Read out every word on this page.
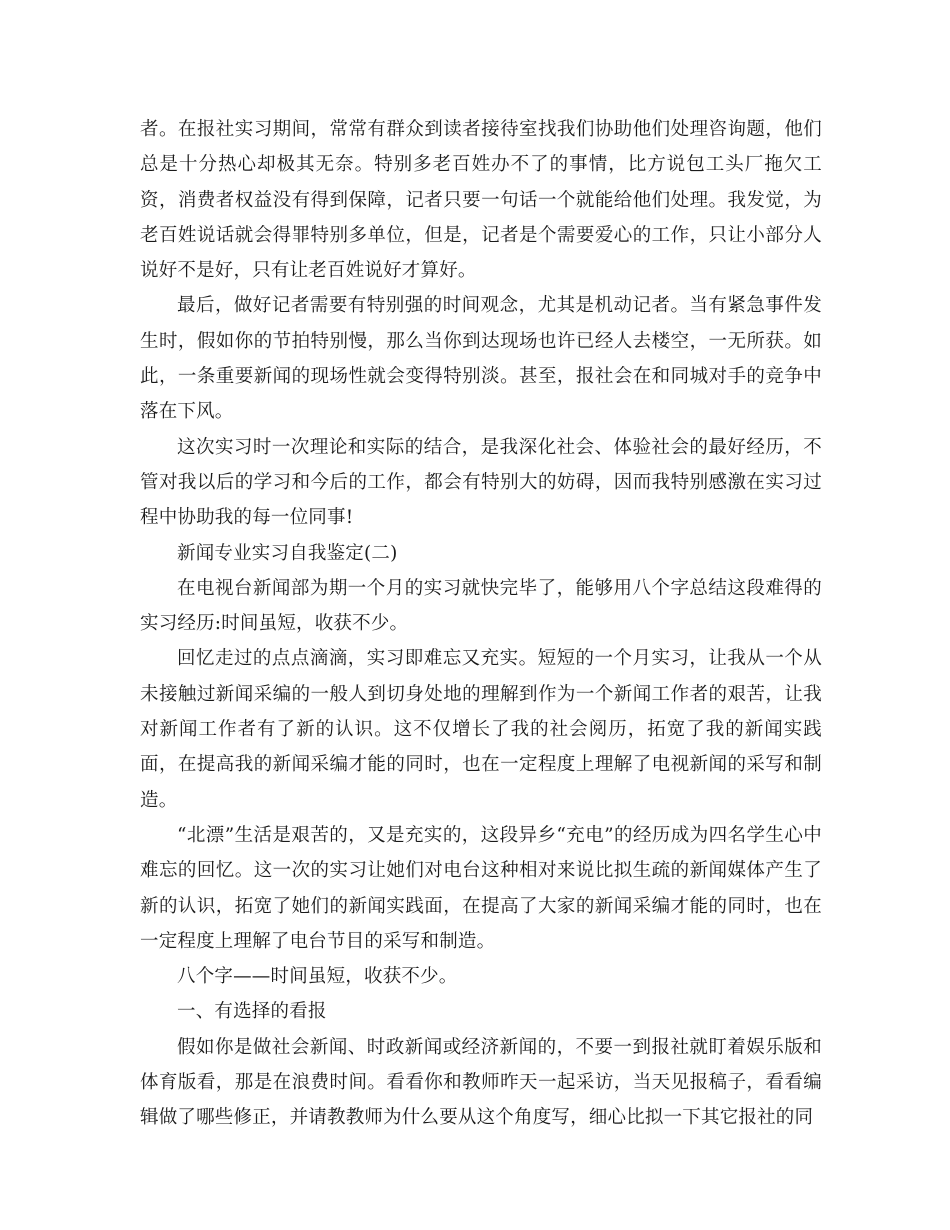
者。在报社实习期间，常常有群众到读者接待室找我们协助他们处理咨询题，他们总是十分热心却极其无奈。特别多老百姓办不了的事情，比方说包工头厂拖欠工资，消费者权益没有得到保障，记者只要一句话一个就能给他们处理。我发觉，为老百姓说话就会得罪特别多单位，但是，记者是个需要爱心的工作，只让小部分人说好不是好，只有让老百姓说好才算好。

最后，做好记者需要有特别强的时间观念，尤其是机动记者。当有紧急事件发生时，假如你的节拍特别慢，那么当你到达现场也许已经人去楼空，一无所获。如此，一条重要新闻的现场性就会变得特别淡。甚至，报社会在和同城对手的竞争中落在下风。

这次实习时一次理论和实际的结合，是我深化社会、体验社会的最好经历，不管对我以后的学习和今后的工作，都会有特别大的妨碍，因而我特别感激在实习过程中协助我的每一位同事!

新闻专业实习自我鉴定(二)

在电视台新闻部为期一个月的实习就快完毕了，能够用八个字总结这段难得的实习经历:时间虽短，收获不少。

回忆走过的点点滴滴，实习即难忘又充实。短短的一个月实习，让我从一个从未接触过新闻采编的一般人到切身处地的理解到作为一个新闻工作者的艰苦，让我对新闻工作者有了新的认识。这不仅增长了我的社会阅历，拓宽了我的新闻实践面，在提高我的新闻采编才能的同时，也在一定程度上理解了电视新闻的采写和制造。

“北漂”生活是艰苦的，又是充实的，这段异乡“充电”的经历成为四名学生心中难忘的回忆。这一次的实习让她们对电台这种相对来说比拟生疏的新闻媒体产生了新的认识，拓宽了她们的新闻实践面，在提高了大家的新闻采编才能的同时，也在一定程度上理解了电台节目的采写和制造。

八个字——时间虽短，收获不少。

一、有选择的看报

假如你是做社会新闻、时政新闻或经济新闻的，不要一到报社就盯着娱乐版和体育版看，那是在浪费时间。看看你和教师昨天一起采访，当天见报稿子，看看编辑做了哪些修正，并请教教师为什么要从这个角度写，细心比拟一下其它报社的同
